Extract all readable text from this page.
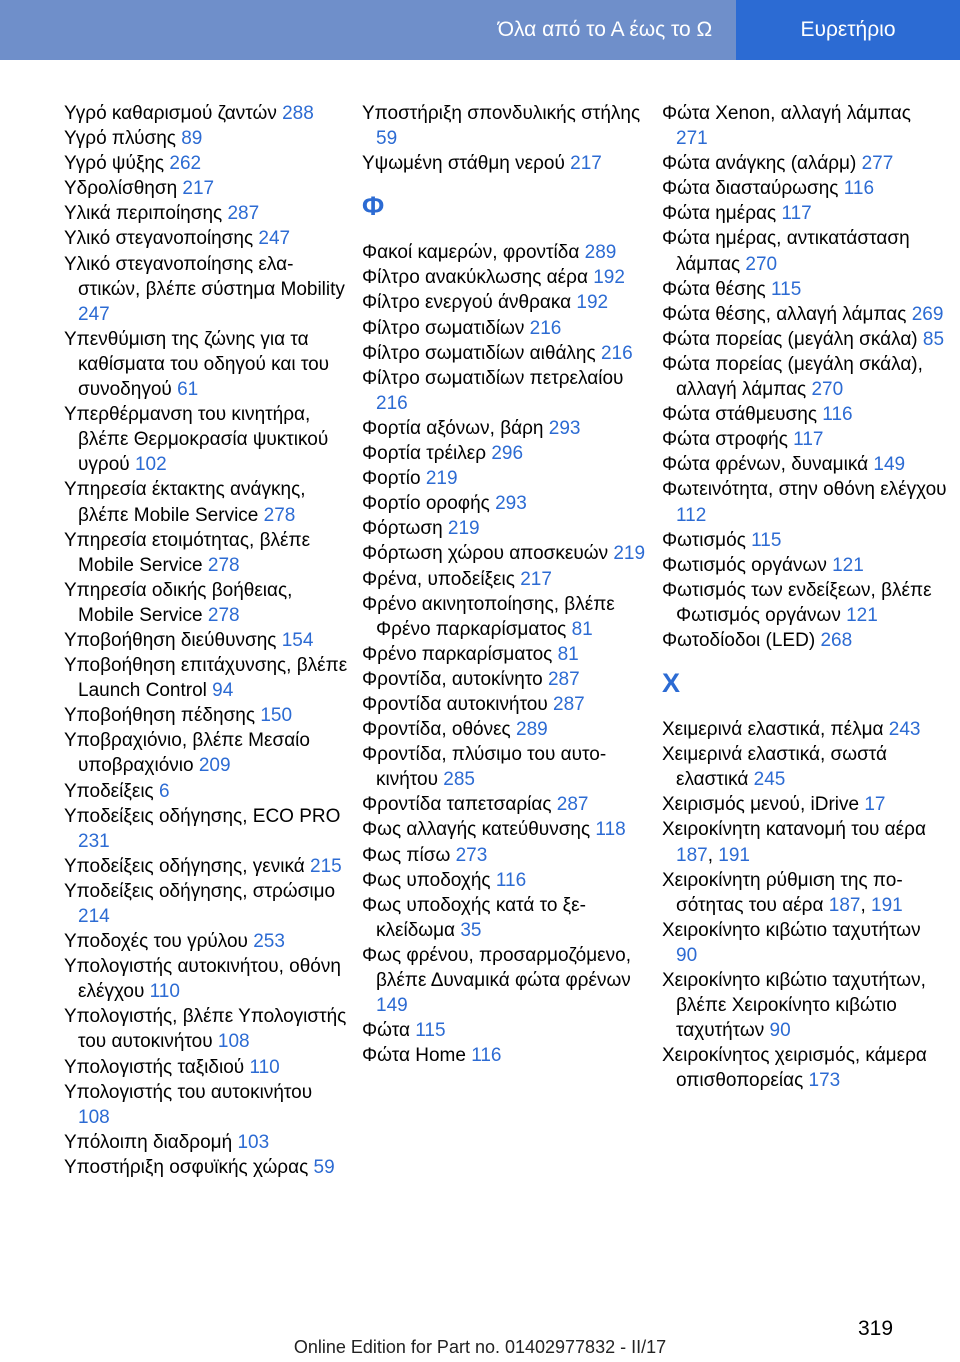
Όλα από το Α έως το Ω	Ευρετήριο
Υγρό καθαρισμού ζαντών 288
Υγρό πλύσης 89
Υγρό ψύξης 262
Υδρολίσθηση 217
Υλικά περιποίησης 287
Υλικό στεγανοποίησης 247
Υλικό στεγανοποίησης ελαστικών, βλέπε σύστημα Mobility 247
Υπενθύμιση της ζώνης για τα καθίσματα του οδηγού και του συνοδηγού 61
Υπερθέρμανση του κινητήρα, βλέπε Θερμοκρασία ψυκτικού υγρού 102
Υπηρεσία έκτακτης ανάγκης, βλέπε Mobile Service 278
Υπηρεσία ετοιμότητας, βλέπε Mobile Service 278
Υπηρεσία οδικής βοήθειας, Mobile Service 278
Υποβοήθηση διεύθυνσης 154
Υποβοήθηση επιτάχυνσης, βλέπε Launch Control 94
Υποβοήθηση πέδησης 150
Υποβραχιόνιο, βλέπε Μεσαίο υποβραχιόνιο 209
Υποδείξεις 6
Υποδείξεις οδήγησης, ECO PRO 231
Υποδείξεις οδήγησης, γενικά 215
Υποδείξεις οδήγησης, στρώσιμο 214
Υποδοχές του γρύλου 253
Υπολογιστής αυτοκινήτου, οθόνη ελέγχου 110
Υπολογιστής, βλέπε Υπολογιστής του αυτοκινήτου 108
Υπολογιστής ταξιδιού 110
Υπολογιστής του αυτοκινήτου 108
Υπόλοιπη διαδρομή 103
Υποστήριξη οσφυϊκής χώρας 59
Υποστήριξη σπονδυλικής στήλης 59
Υψωμένη στάθμη νερού 217
Φ
Φακοί καμερών, φροντίδα 289
Φίλτρο ανακύκλωσης αέρα 192
Φίλτρο ενεργού άνθρακα 192
Φίλτρο σωματιδίων 216
Φίλτρο σωματιδίων αιθάλης 216
Φίλτρο σωματιδίων πετρελαίου 216
Φορτία αξόνων, βάρη 293
Φορτία τρέιλερ 296
Φορτίο 219
Φορτίο οροφής 293
Φόρτωση 219
Φόρτωση χώρου αποσκευών 219
Φρένα, υποδείξεις 217
Φρένο ακινητοποίησης, βλέπε Φρένο παρκαρίσματος 81
Φρένο παρκαρίσματος 81
Φροντίδα, αυτοκίνητο 287
Φροντίδα αυτοκινήτου 287
Φροντίδα, οθόνες 289
Φροντίδα, πλύσιμο του αυτοκινήτου 285
Φροντίδα ταπετσαρίας 287
Φως αλλαγής κατεύθυνσης 118
Φως πίσω 273
Φως υποδοχής 116
Φως υποδοχής κατά το ξεκλείδωμα 35
Φως φρένου, προσαρμοζόμενο, βλέπε Δυναμικά φώτα φρένων 149
Φώτα 115
Φώτα Home 116
Φώτα Xenon, αλλαγή λάμπας 271
Φώτα ανάγκης (αλάρμ) 277
Φώτα διασταύρωσης 116
Φώτα ημέρας 117
Φώτα ημέρας, αντικατάσταση λάμπας 270
Φώτα θέσης 115
Φώτα θέσης, αλλαγή λάμπας 269
Φώτα πορείας (μεγάλη σκάλα) 85
Φώτα πορείας (μεγάλη σκάλα), αλλαγή λάμπας 270
Φώτα στάθμευσης 116
Φώτα στροφής 117
Φώτα φρένων, δυναμικά 149
Φωτεινότητα, στην οθόνη ελέγχου 112
Φωτισμός 115
Φωτισμός οργάνων 121
Φωτισμός των ενδείξεων, βλέπε Φωτισμός οργάνων 121
Φωτοδίοδοι (LED) 268
Χ
Χειμερινά ελαστικά, πέλμα 243
Χειμερινά ελαστικά, σωστά ελαστικά 245
Χειρισμός μενού, iDrive 17
Χειροκίνητη κατανομή του αέρα 187, 191
Χειροκίνητη ρύθμιση της ποσότητας του αέρα 187, 191
Χειροκίνητο κιβώτιο ταχυτήτων 90
Χειροκίνητο κιβώτιο ταχυτήτων, βλέπε Χειροκίνητο κιβώτιο ταχυτήτων 90
Χειροκίνητος χειρισμός, κάμερα οπισθοπορείας 173
319
Online Edition for Part no. 01402977832 - II/17
